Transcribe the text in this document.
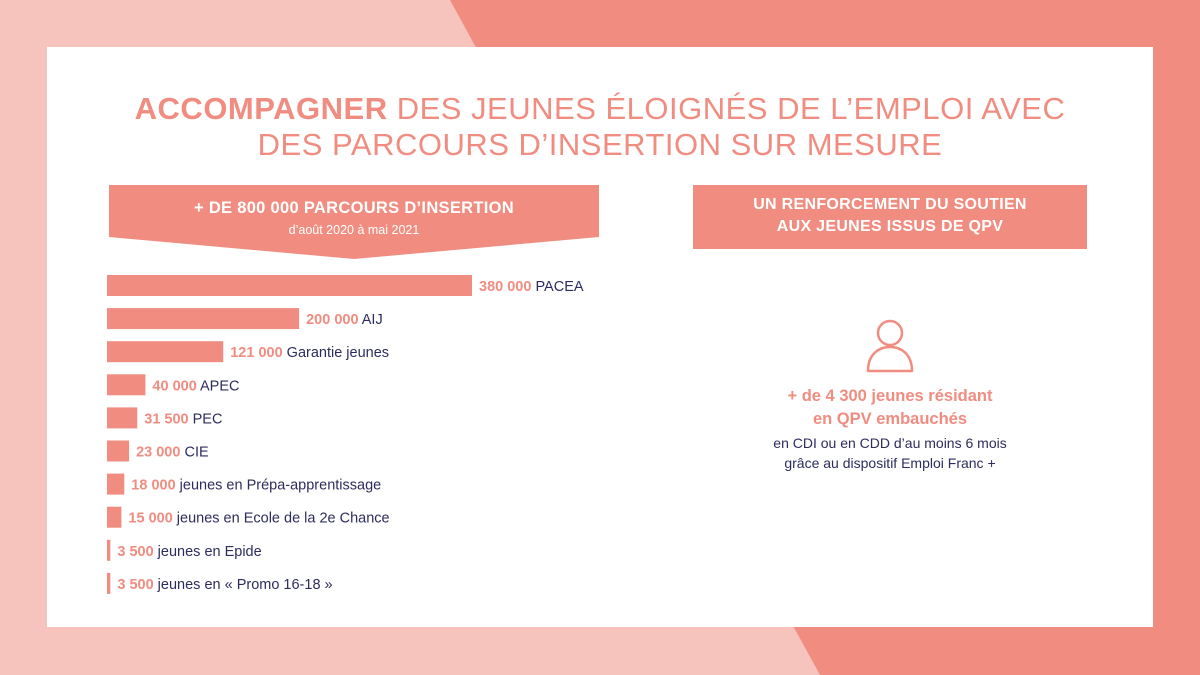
ACCOMPAGNER DES JEUNES ÉLOIGNÉS DE L’EMPLOI AVEC
DES PARCOURS D’INSERTION SUR MESURE
+ DE 800 000 PARCOURS D’INSERTION
d’août 2020 à mai 2021
UN RENFORCEMENT DU SOUTIEN
AUX JEUNES ISSUS DE QPV
+ de 4 300 jeunes résidant
en QPV embauchés
en CDI ou en CDD d’au moins 6 mois
grâce au dispositif Emploi Franc +
380 000 PACEA
200 000 AIJ
121 000 Garantie jeunes
40 000 APEC
31 500 PEC
23 000 CIE
18 000 jeunes en Prépa-apprentissage
15 000 jeunes en Ecole de la 2e Chance
3 500 jeunes en Epide
3 500 jeunes en « Promo 16-18 »
